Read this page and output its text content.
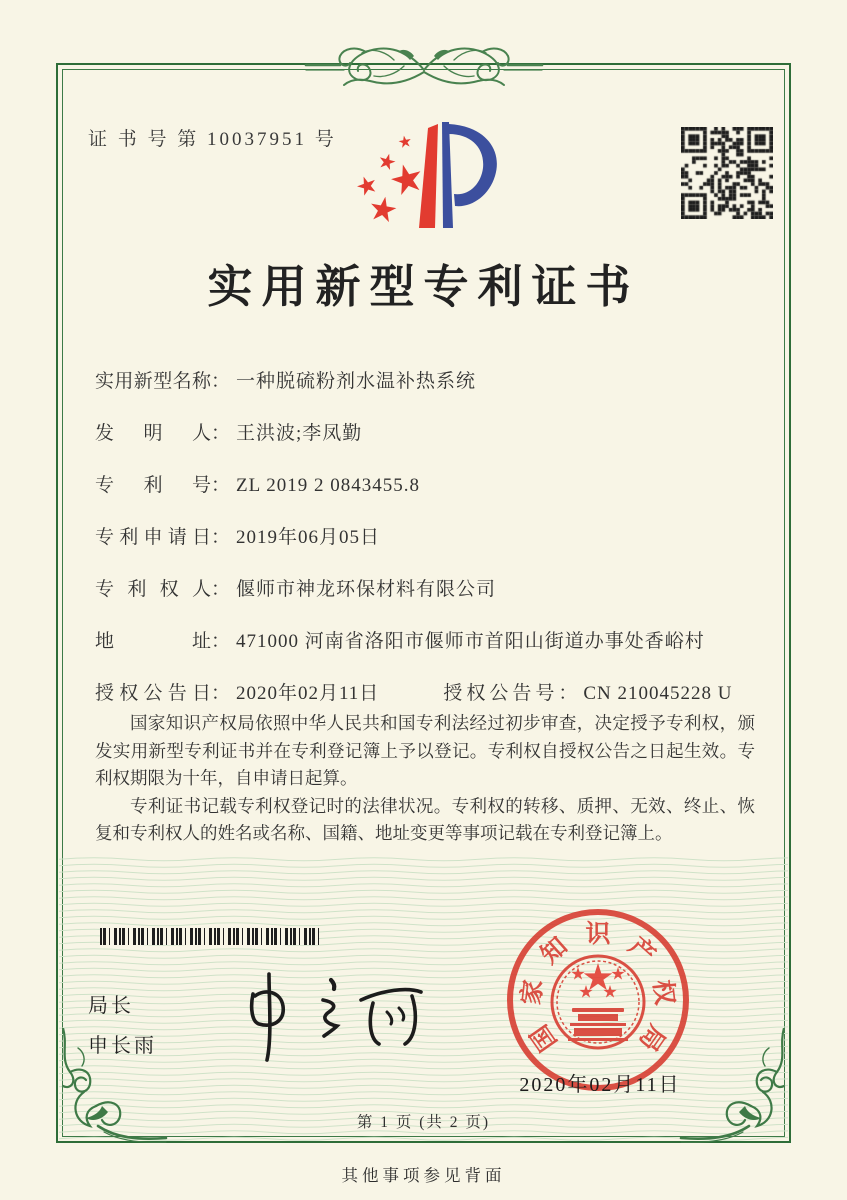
证 书 号 第 10037951 号
实用新型专利证书
实用新型名称： 一种脱硫粉剂水温补热系统
发明人： 王洪波;李凤勤
专利号： ZL 2019 2 0843455.8
专利申请日： 2019年06月05日
专利权人： 偃师市神龙环保材料有限公司
地址： 471000 河南省洛阳市偃师市首阳山街道办事处香峪村
授权公告日： 2020年02月11日	授权公告号： CN 210045228 U

国家知识产权局依照中华人民共和国专利法经过初步审查，决定授予专利权，颁发实用新型专利证书并在专利登记簿上予以登记。专利权自授权公告之日起生效。专利权期限为十年，自申请日起算。

专利证书记载专利权登记时的法律状况。专利权的转移、质押、无效、终止、恢复和专利权人的姓名或名称、国籍、地址变更等事项记载在专利登记簿上。

局长
申长雨	国
家
知 识 产
权
局
2020年02月11日
第 1 页 (共 2 页)
其他事项参见背面
